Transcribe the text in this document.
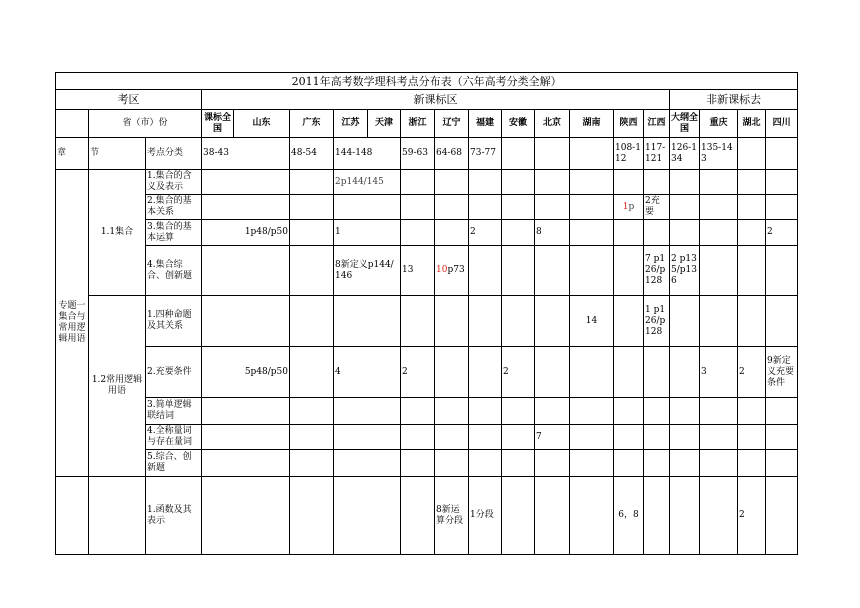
2011年高考数学理科考点分布表（六年高考分类全解）																				
考区			新课标区													非新课标去				
	省（市）份		课标全国	山东	广东	江苏	天津	浙江	辽宁	福建	安徽	北京	湖南	陕西	江西	大纲全国	重庆	湖北	四川	
章	节	考点分类	38-43		48-54	144-148		59-63	64-68	73-77				108-112	117-121	126-134	135-143				
专题一 集合与常用逻辑用语	1.1集合	1.集合的含义及表示				2p144/145														
		2.集合的基本关系												1p	2充要						
		3.集合的基本运算	1p48/p50			1				2		8							2	
		4.集合综合、创新题				8新定义p144/146		13	10p73						7 p126/p128	2 p135/p136				
	1.2常用逻辑用语	1.四种命题及其关系											14		1 p126/p128					
		2.充要条件	5p48/p50			4		2			2						3	2	9新定义充要条件	
		3.简单逻辑联结词																		
		4.全称量词与存在量词										7								
		5.综合、创新题																		
		1.函数及其表示							8新运算分段	1分段				6，8				2			
